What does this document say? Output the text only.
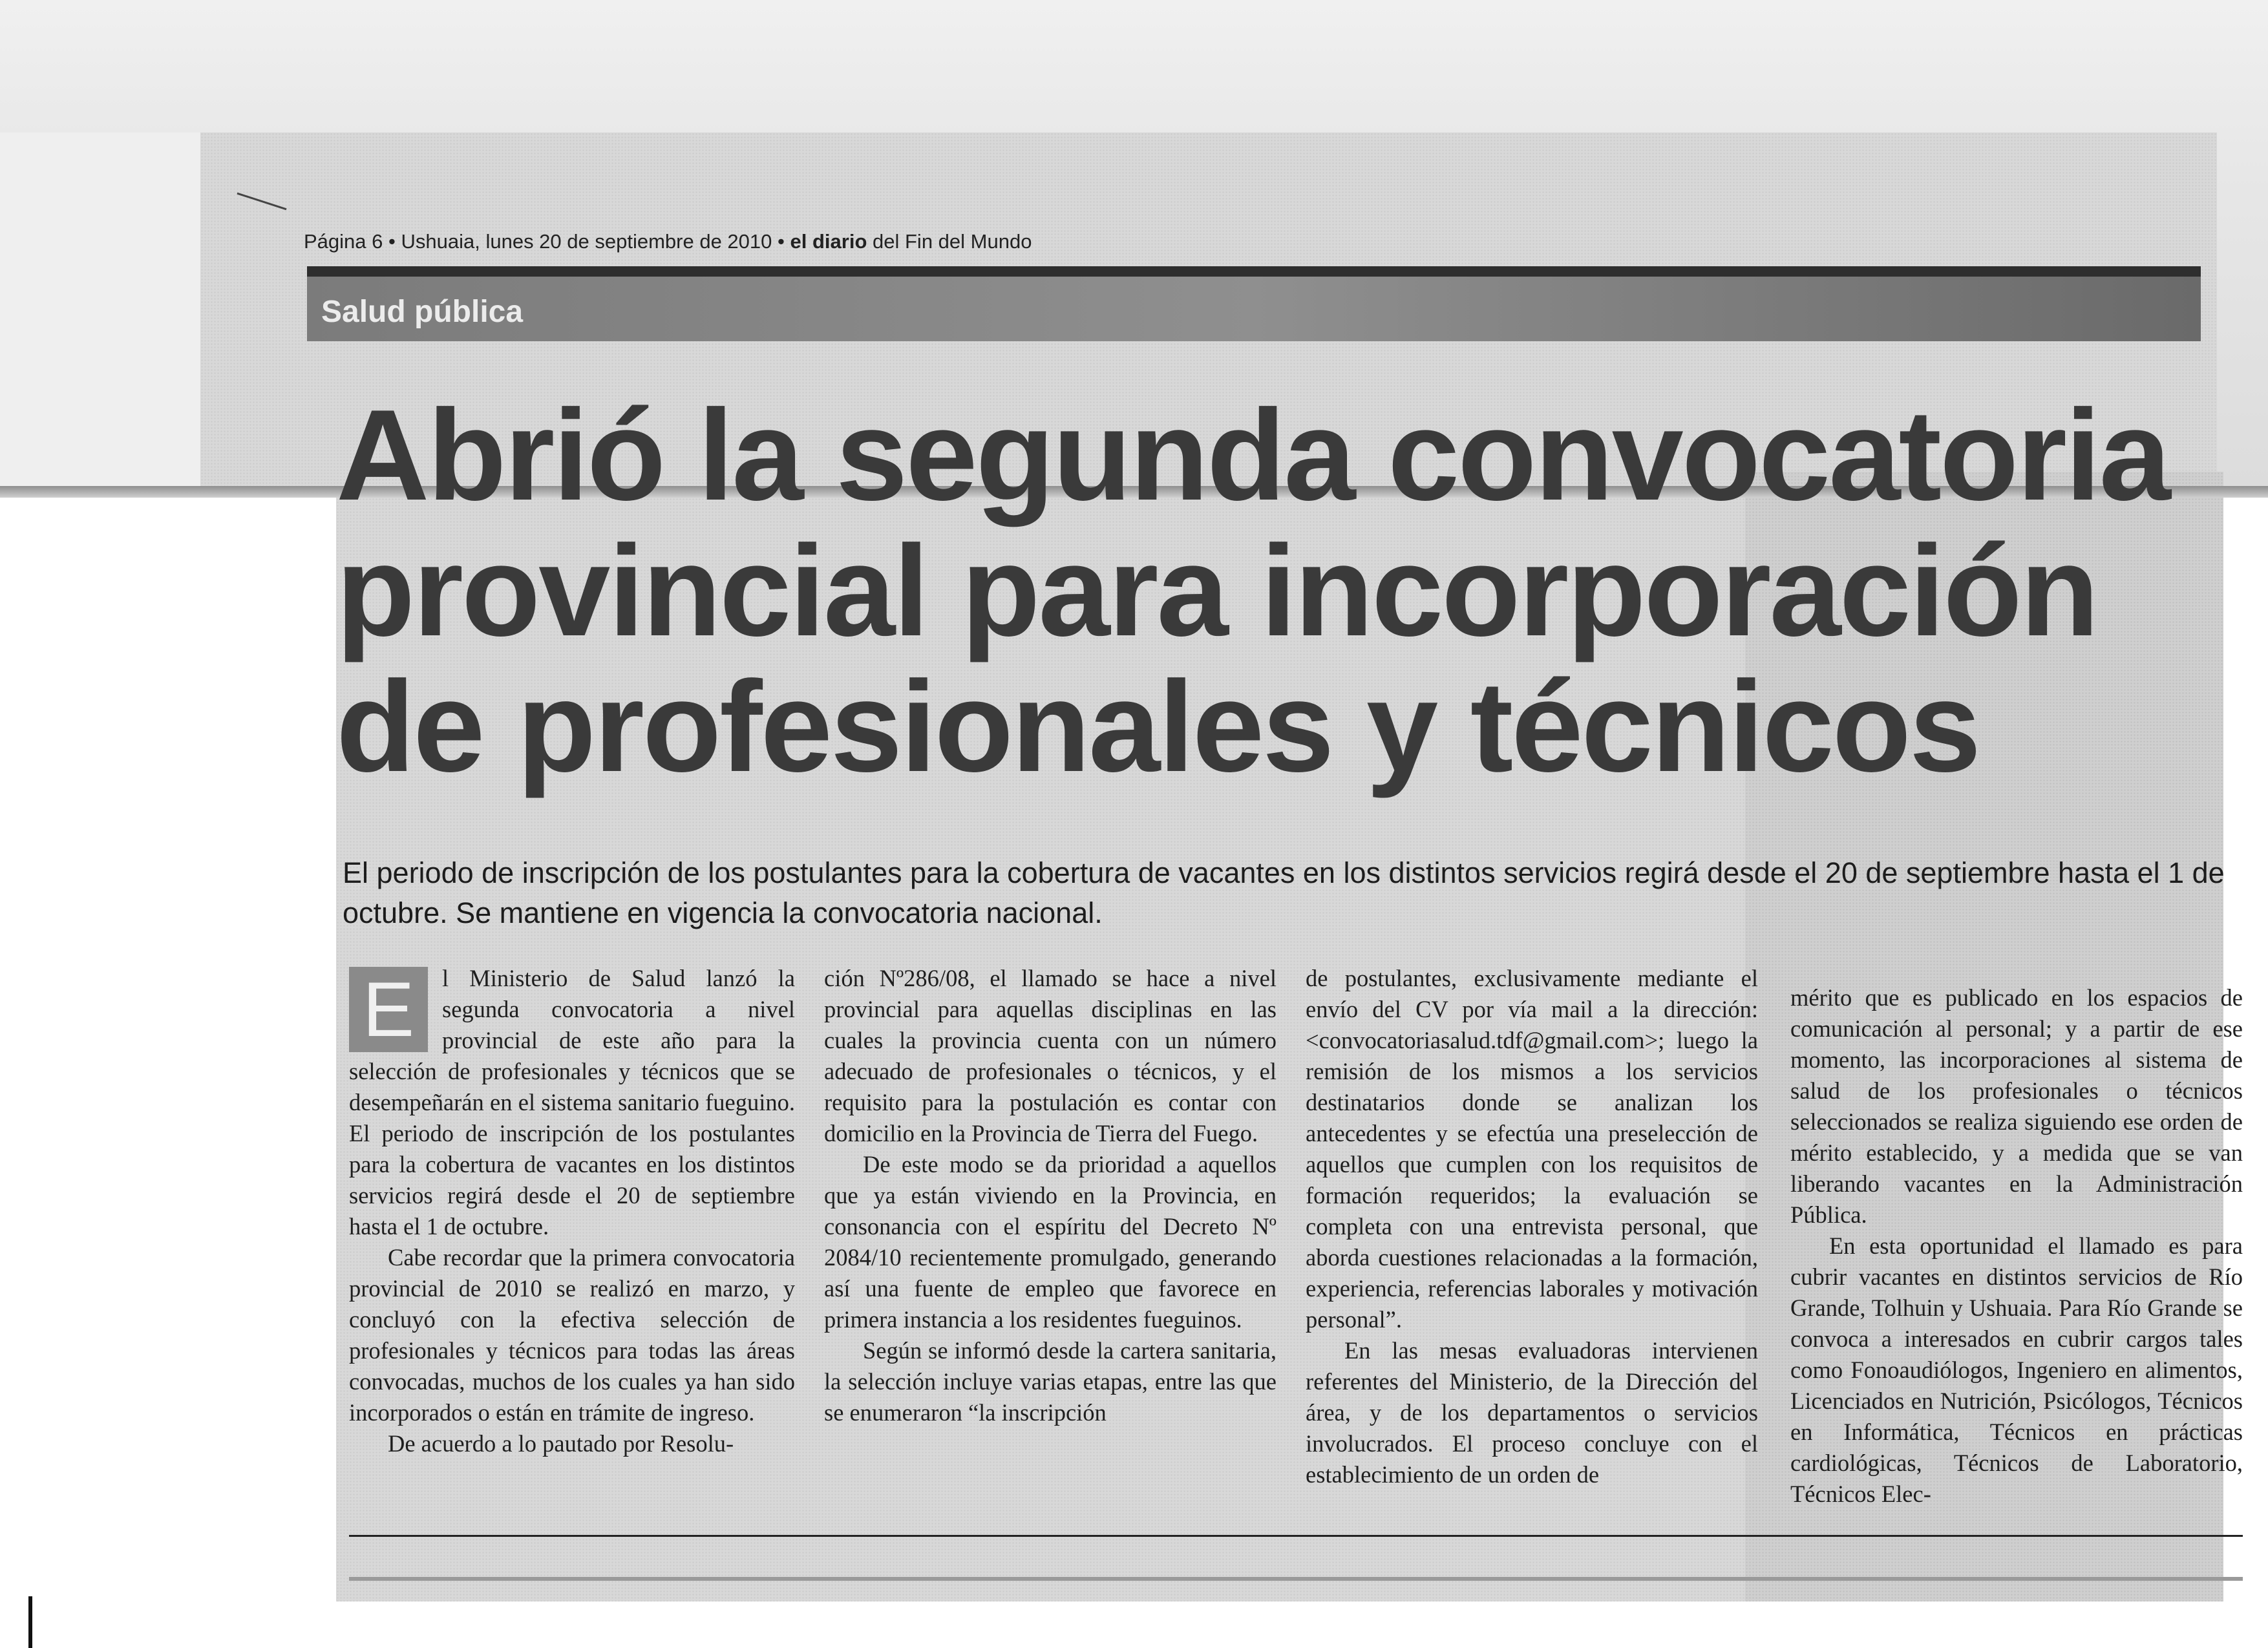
Página 6 • Ushuaia, lunes 20 de septiembre de 2010 • el diario del Fin del Mundo
Salud pública
Abrió la segunda convocatoria
provincial para incorporación
de profesionales y técnicos
El periodo de inscripción de los postulantes para la cobertura de vacantes en los distintos servicios regirá desde el 20 de septiembre hasta el 1 de octubre. Se mantiene en vigencia la convocatoria nacional.
E	l Ministerio de Salud lanzó la segunda convocatoria a nivel provincial de este año para la selección de profesionales y técnicos que se desempeñarán en el sistema sanitario fueguino. El periodo de inscripción de los postulantes para la cobertura de vacantes en los distintos servicios regirá desde el 20 de septiembre hasta el 1 de octubre.

Cabe recordar que la primera convocatoria provincial de 2010 se realizó en marzo, y concluyó con la efectiva selección de profesionales y técnicos para todas las áreas convocadas, muchos de los cuales ya han sido incorporados o están en trámite de ingreso.

De acuerdo a lo pautado por Resolu-

ción Nº286/08, el llamado se hace a nivel provincial para aquellas disciplinas en las cuales la provincia cuenta con un número adecuado de profesionales o técnicos, y el requisito para la postulación es contar con domicilio en la Provincia de Tierra del Fuego.

De este modo se da prioridad a aquellos que ya están viviendo en la Provincia, en consonancia con el espíritu del Decreto Nº 2084/10 recientemente promulgado, generando así una fuente de empleo que favorece en primera instancia a los residentes fueguinos.

Según se informó desde la cartera sanitaria, la selección incluye varias etapas, entre las que se enumeraron “la inscripción

de postulantes, exclusivamente mediante el envío del CV por vía mail a la dirección: <convocatoriasalud.tdf@gmail.com>; luego la remisión de los mismos a los servicios destinatarios donde se analizan los antecedentes y se efectúa una preselección de aquellos que cumplen con los requisitos de formación requeridos; la evaluación se completa con una entrevista personal, que aborda cuestiones relacionadas a la formación, experiencia, referencias laborales y motivación personal”.

En las mesas evaluadoras intervienen referentes del Ministerio, de la Dirección del área, y de los departamentos o servicios involucrados. El proceso concluye con el establecimiento de un orden de

mérito que es publicado en los espacios de comunicación al personal; y a partir de ese momento, las incorporaciones al sistema de salud de los profesionales o técnicos seleccionados se realiza siguiendo ese orden de mérito establecido, y a medida que se van liberando vacantes en la Administración Pública.

En esta oportunidad el llamado es para cubrir vacantes en distintos servicios de Río Grande, Tolhuin y Ushuaia. Para Río Grande se convoca a interesados en cubrir cargos tales como Fonoaudiólogos, Ingeniero en alimentos, Licenciados en Nutrición, Psicólogos, Técnicos en Informática, Técnicos en prácticas cardiológicas, Técnicos de Laboratorio, Técnicos Elec-
